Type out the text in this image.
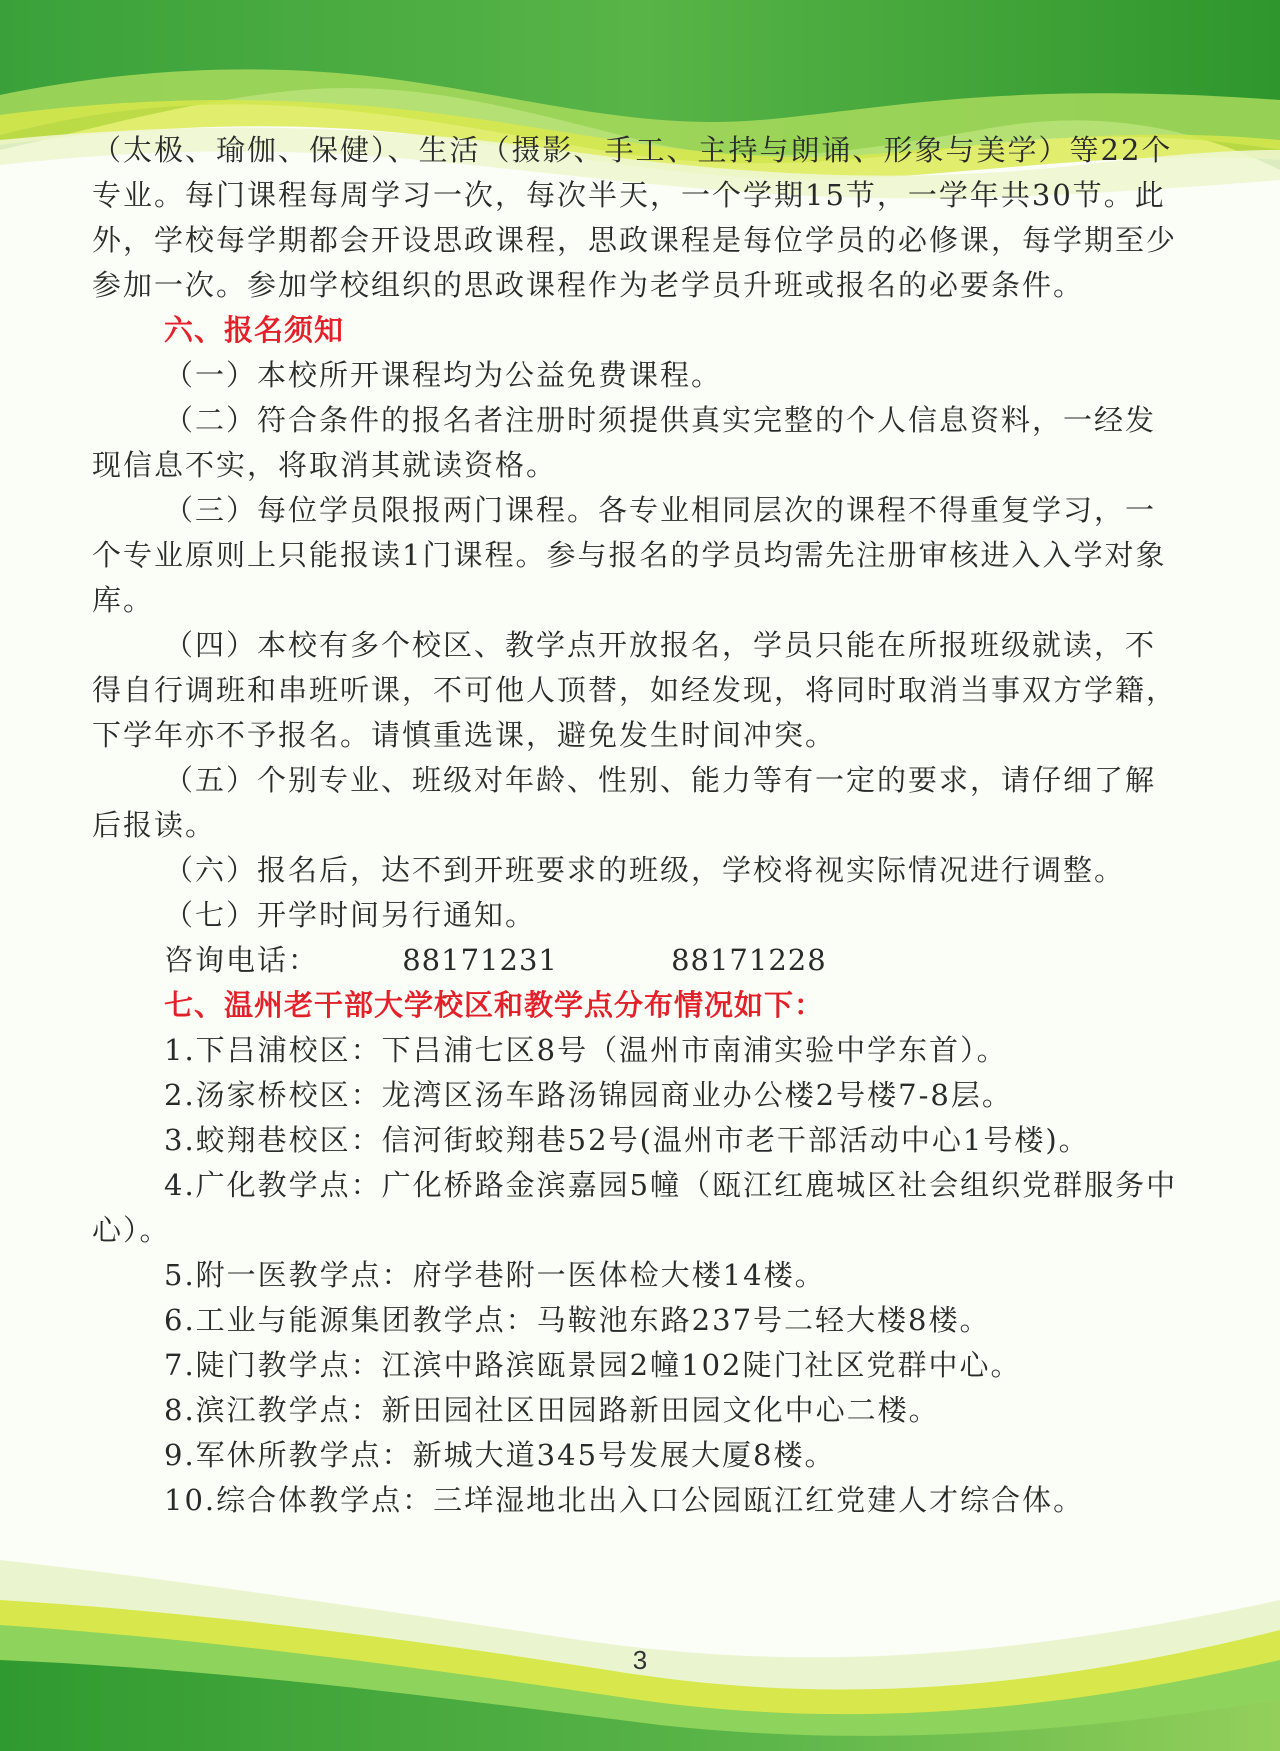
（太极、瑜伽、保健）、生活（摄影、手工、主持与朗诵、形象与美学）等22个专业。每门课程每周学习一次，每次半天，一个学期15节，一学年共30节。此外，学校每学期都会开设思政课程，思政课程是每位学员的必修课，每学期至少参加一次。参加学校组织的思政课程作为老学员升班或报名的必要条件。

六、报名须知

（一）本校所开课程均为公益免费课程。

（二）符合条件的报名者注册时须提供真实完整的个人信息资料，一经发现信息不实，将取消其就读资格。

（三）每位学员限报两门课程。各专业相同层次的课程不得重复学习，一个专业原则上只能报读1门课程。参与报名的学员均需先注册审核进入入学对象库。

（四）本校有多个校区、教学点开放报名，学员只能在所报班级就读，不得自行调班和串班听课，不可他人顶替，如经发现，将同时取消当事双方学籍，下学年亦不予报名。请慎重选课，避免发生时间冲突。

（五）个别专业、班级对年龄、性别、能力等有一定的要求，请仔细了解后报读。

（六）报名后，达不到开班要求的班级，学校将视实际情况进行调整。

（七）开学时间另行通知。

咨询电话：	88171231	88171228

七、温州老干部大学校区和教学点分布情况如下：

1.下吕浦校区：下吕浦七区8号（温州市南浦实验中学东首）。

2.汤家桥校区：龙湾区汤车路汤锦园商业办公楼2号楼7-8层。

3.蛟翔巷校区：信河街蛟翔巷52号(温州市老干部活动中心1号楼)。

4.广化教学点：广化桥路金滨嘉园5幢（瓯江红鹿城区社会组织党群服务中心）。

5.附一医教学点：府学巷附一医体检大楼14楼。

6.工业与能源集团教学点：马鞍池东路237号二轻大楼8楼。

7.陡门教学点：江滨中路滨瓯景园2幢102陡门社区党群中心。

8.滨江教学点：新田园社区田园路新田园文化中心二楼。

9.军休所教学点：新城大道345号发展大厦8楼。

10.综合体教学点：三垟湿地北出入口公园瓯江红党建人才综合体。

3
